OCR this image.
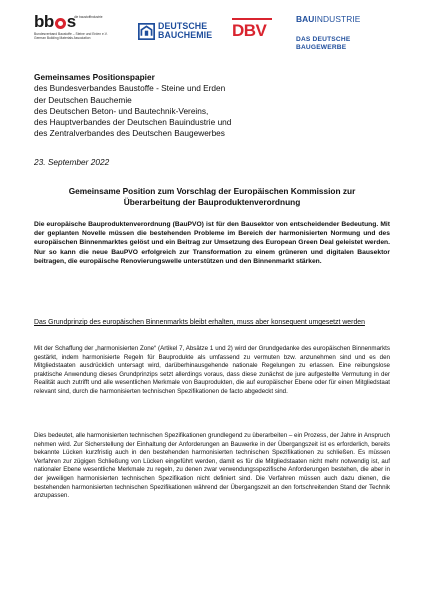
b b s
die baustoffindustrie
Bundesverband Baustoffe – Steine und Erden e.V.
German Building Materials Association
DEUTSCHE
BAUCHEMIE DBV
BAUINDUSTRIE
DAS DEUTSCHE
BAUGEWERBE

Gemeinsames Positionspapier

des Bundesverbandes Baustoffe - Steine und Erden

der Deutschen Bauchemie

des Deutschen Beton- und Bautechnik-Vereins,

des Hauptverbandes der Deutschen Bauindustrie und

des Zentralverbandes des Deutschen Baugewerbes

23. September 2022
Gemeinsame Position zum Vorschlag der Europäischen Kommission zur
Überarbeitung der Bauproduktenverordnung
Die europäische Bauproduktenverordnung (BauPVO) ist für den Bausektor von entscheidender Bedeutung. Mit der geplanten Novelle müssen die bestehenden Probleme im Bereich der harmonisierten Normung und des europäischen Binnenmarktes gelöst und ein Beitrag zur Umsetzung des European Green Deal geleistet werden. Nur so kann die neue BauPVO erfolgreich zur Transformation zu einem grüneren und digitalen Bausektor beitragen, die europäische Renovierungswelle unterstützen und den Binnenmarkt stärken.
Das Grundprinzip des europäischen Binnenmarkts bleibt erhalten, muss aber konsequent umgesetzt werden
Mit der Schaffung der „harmonisierten Zone“ (Artikel 7, Absätze 1 und 2) wird der Grundgedanke des europäischen Binnenmarkts gestärkt, indem harmonisierte Regeln für Bauprodukte als umfassend zu vermuten bzw. anzunehmen sind und es den Mitgliedstaaten ausdrücklich untersagt wird, darüberhinausgehende nationale Regelungen zu erlassen. Eine reibungslose praktische Anwendung dieses Grundprinzips setzt allerdings voraus, dass diese zunächst de jure aufgestellte Vermutung in der Realität auch zutrifft und alle wesentlichen Merkmale von Bauprodukten, die auf europäischer Ebene oder für einen Mitgliedstaat relevant sind, durch die harmonisierten technischen Spezifikationen de facto abgedeckt sind.
Dies bedeutet, alle harmonisierten technischen Spezifikationen grundlegend zu überarbeiten – ein Prozess, der Jahre in Anspruch nehmen wird. Zur Sicherstellung der Einhaltung der Anforderungen an Bauwerke in der Übergangszeit ist es erforderlich, bereits bekannte Lücken kurzfristig auch in den bestehenden harmonisierten technischen Spezifikationen zu schließen. Es müssen Verfahren zur zügigen Schließung von Lücken eingeführt werden, damit es für die Mitgliedstaaten nicht mehr notwendig ist, auf nationaler Ebene wesentliche Merkmale zu regeln, zu denen zwar verwendungsspezifische Anforderungen bestehen, die aber in der jeweiligen harmonisierten technischen Spezifikation nicht definiert sind. Die Verfahren müssen auch dazu dienen, die bestehenden harmonisierten technischen Spezifikationen während der Übergangszeit an den fortschreitenden Stand der Technik anzupassen.
